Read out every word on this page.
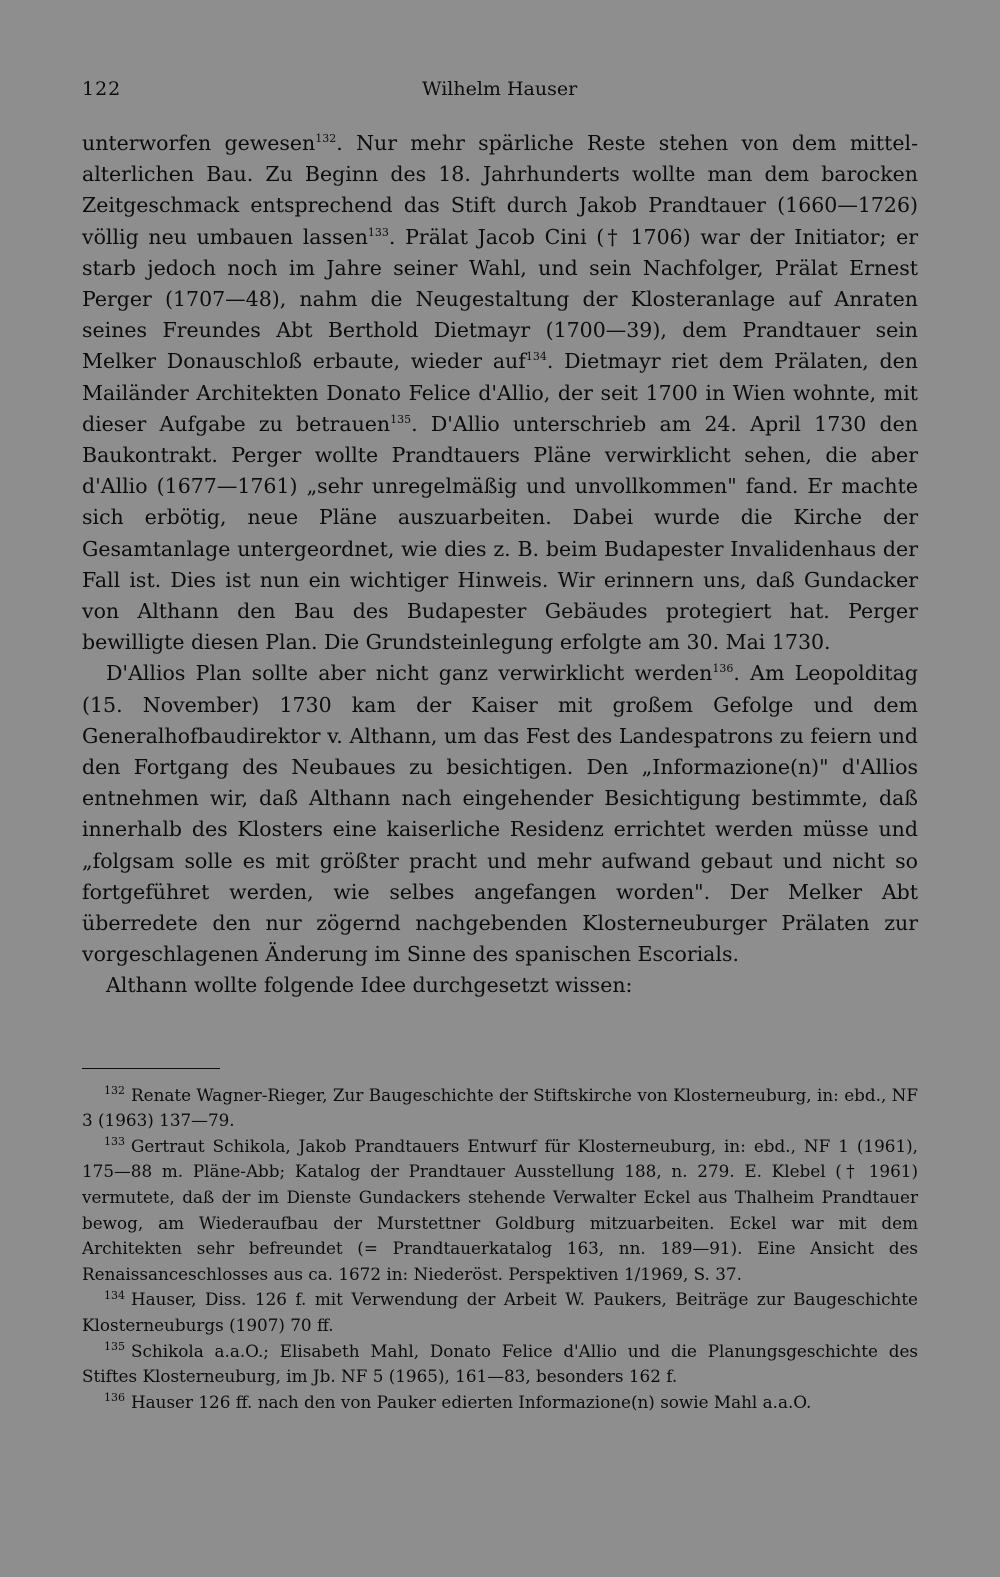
122	Wilhelm Hauser

unterworfen gewesen$^{132}$. Nur mehr spärliche Reste stehen von dem mittelalterlichen Bau. Zu Beginn des 18. Jahrhunderts wollte man dem barocken Zeitgeschmack entsprechend das Stift durch Jakob Prandtauer (1660—1726) völlig neu umbauen lassen$^{133}$. Prälat Jacob Cini († 1706) war der Initiator; er starb jedoch noch im Jahre seiner Wahl, und sein Nachfolger, Prälat Ernest Perger (1707—48), nahm die Neugestaltung der Klosteranlage auf Anraten seines Freundes Abt Berthold Dietmayr (1700—39), dem Prandtauer sein Melker Donauschloß erbaute, wieder auf$^{134}$. Dietmayr riet dem Prälaten, den Mailänder Architekten Donato Felice d'Allio, der seit 1700 in Wien wohnte, mit dieser Aufgabe zu betrauen$^{135}$. D'Allio unterschrieb am 24. April 1730 den Baukontrakt. Perger wollte Prandtauers Pläne verwirklicht sehen, die aber d'Allio (1677—1761) „sehr unregelmäßig und unvollkommen" fand. Er machte sich erbötig, neue Pläne auszuarbeiten. Dabei wurde die Kirche der Gesamtanlage untergeordnet, wie dies z. B. beim Budapester Invalidenhaus der Fall ist. Dies ist nun ein wichtiger Hinweis. Wir erinnern uns, daß Gundacker von Althann den Bau des Budapester Gebäudes protegiert hat. Perger bewilligte diesen Plan. Die Grundsteinlegung erfolgte am 30. Mai 1730.

D'Allios Plan sollte aber nicht ganz verwirklicht werden$^{136}$. Am Leopolditag (15. November) 1730 kam der Kaiser mit großem Gefolge und dem Generalhofbaudirektor v. Althann, um das Fest des Landespatrons zu feiern und den Fortgang des Neubaues zu besichtigen. Den „Informazione(n)" d'Allios entnehmen wir, daß Althann nach eingehender Besichtigung bestimmte, daß innerhalb des Klosters eine kaiserliche Residenz errichtet werden müsse und „folgsam solle es mit größter pracht und mehr aufwand gebaut und nicht so fortgeführet werden, wie selbes angefangen worden". Der Melker Abt überredete den nur zögernd nachgebenden Klosterneuburger Prälaten zur vorgeschlagenen Änderung im Sinne des spanischen Escorials.

Althann wollte folgende Idee durchgesetzt wissen:

$^{132}$ Renate Wagner-Rieger, Zur Baugeschichte der Stiftskirche von Klosterneuburg, in: ebd., NF 3 (1963) 137—79.

$^{133}$ Gertraut Schikola, Jakob Prandtauers Entwurf für Klosterneuburg, in: ebd., NF 1 (1961), 175—88 m. Pläne-Abb; Katalog der Prandtauer Ausstellung 188, n. 279. E. Klebel († 1961) vermutete, daß der im Dienste Gundackers stehende Verwalter Eckel aus Thalheim Prandtauer bewog, am Wiederaufbau der Murstettner Goldburg mitzuarbeiten. Eckel war mit dem Architekten sehr befreundet (= Prandtauerkatalog 163, nn. 189—91). Eine Ansicht des Renaissanceschlosses aus ca. 1672 in: Niederöst. Perspektiven 1/1969, S. 37.

$^{134}$ Hauser, Diss. 126 f. mit Verwendung der Arbeit W. Paukers, Beiträge zur Baugeschichte Klosterneuburgs (1907) 70 ff.

$^{135}$ Schikola a.a.O.; Elisabeth Mahl, Donato Felice d'Allio und die Planungsgeschichte des Stiftes Klosterneuburg, im Jb. NF 5 (1965), 161—83, besonders 162 f.

$^{136}$ Hauser 126 ff. nach den von Pauker edierten Informazione(n) sowie Mahl a.a.O.
